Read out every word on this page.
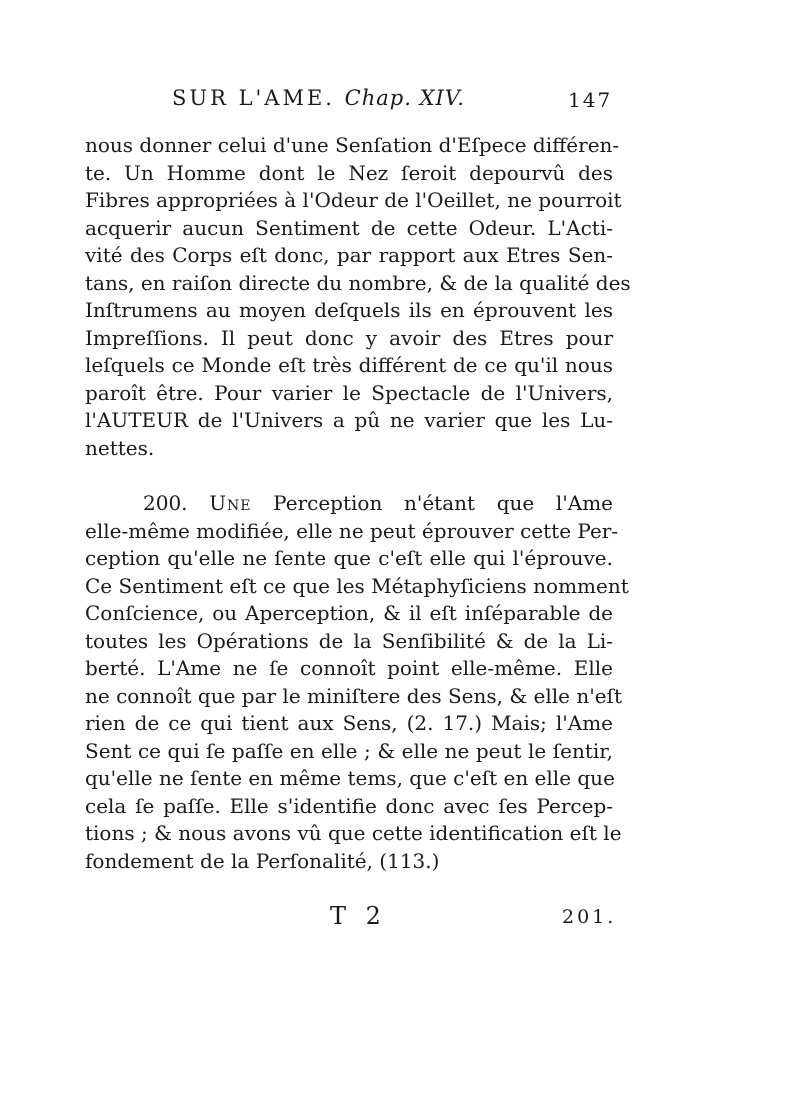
SUR L'AME. Chap. XIV.	147
nous donner celui d'une Senſation d'Eſpece différen-
te. Un Homme dont le Nez ſeroit depourvû des
Fibres appropriées à l'Odeur de l'Oeillet, ne pourroit
acquerir aucun Sentiment de cette Odeur. L'Acti-
vité des Corps eſt donc, par rapport aux Etres Sen-
tans, en raiſon directe du nombre, & de la qualité des
Inſtrumens au moyen deſquels ils en éprouvent les
Impreſſions. Il peut donc y avoir des Etres pour
leſquels ce Monde eſt très différent de ce qu'il nous
paroît être. Pour varier le Spectacle de l'Univers,
l'AUTEUR de l'Univers a pû ne varier que les Lu-
nettes.
200. Une Perception n'étant que l'Ame
elle-même modifiée, elle ne peut éprouver cette Per-
ception qu'elle ne ſente que c'eſt elle qui l'éprouve.
Ce Sentiment eſt ce que les Métaphyſiciens nomment
Conſcience, ou Aperception, & il eſt inſéparable de
toutes les Opérations de la Senſibilité & de la Li-
berté. L'Ame ne ſe connoît point elle-même. Elle
ne connoît que par le miniſtere des Sens, & elle n'eſt
rien de ce qui tient aux Sens, (2. 17.) Mais; l'Ame
Sent ce qui ſe paſſe en elle ; & elle ne peut le ſentir,
qu'elle ne ſente en même tems, que c'eſt en elle que
cela ſe paſſe. Elle s'identifie donc avec ſes Percep-
tions ; & nous avons vû que cette identification eſt le
fondement de la Perſonalité, (113.)
T 2	201.
